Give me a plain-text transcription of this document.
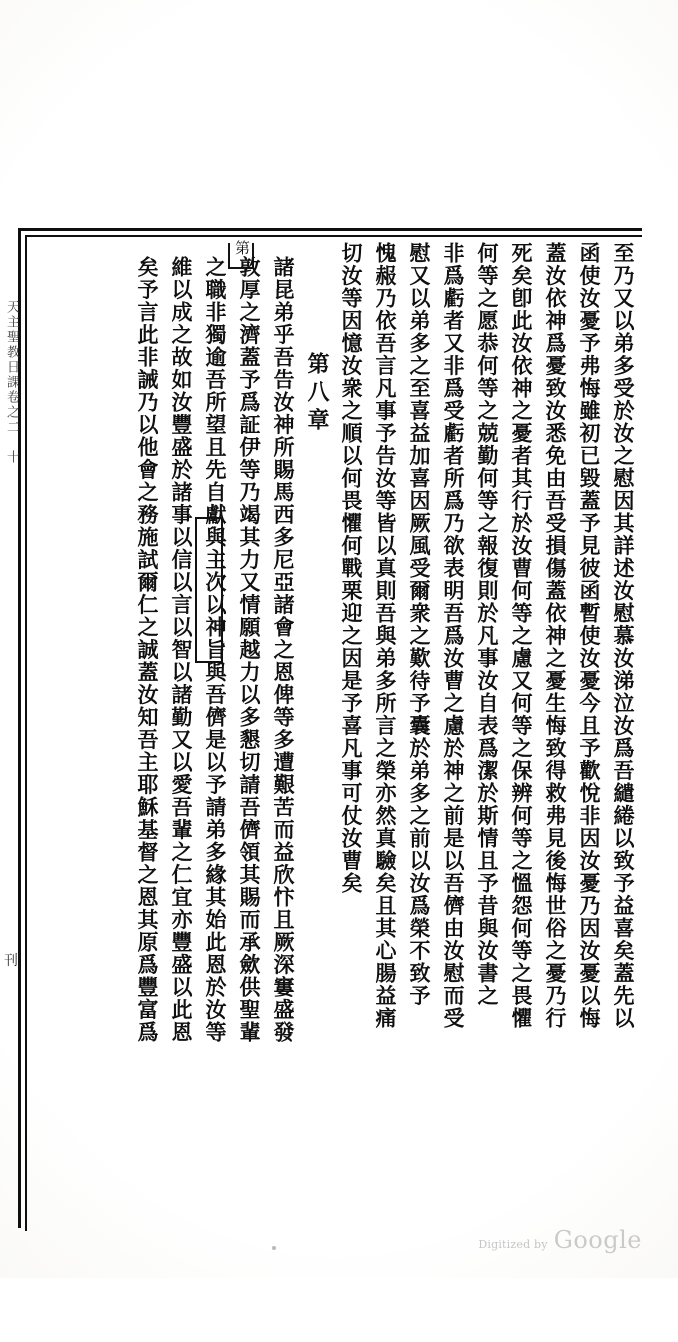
第	至乃又以弟多受於汝之慰因其詳述汝慰慕汝涕泣汝爲吾繾綣以致予益喜矣蓋先以
函使汝憂予弗悔雖初已毀蓋予見彼函暫使汝憂今且予歡悅非因汝憂乃因汝憂以悔
蓋汝依神爲憂致汝悉免由吾受損傷蓋依神之憂生悔致得救弗見後悔世俗之憂乃行
死矣卽此汝依神之憂者其行於汝曹何等之慮又何等之保辨何等之慍怨何等之畏懼
何等之愿恭何等之兢勤何等之報復則於凡事汝自表爲潔於斯情且予昔與汝書之
非爲虧者又非爲受虧者所爲乃欲表明吾爲汝曹之慮於神之前是以吾儕由汝慰而受
慰又以弟多之至喜益加喜因厥風受爾衆之歎待予囊於弟多之前以汝爲榮不致予
愧赧乃依吾言凡事予告汝等皆以真則吾與弟多所言之榮亦然真驗矣且其心腸益痛
切汝等因憶汝衆之順以何畏懼何戰栗迎之因是予喜凡事可仗汝曹矣
第八章
諸昆弟乎吾告汝神所賜馬西多尼亞諸會之恩俾等多遭艱苦而益欣忭且厥深窶盛發
敦厚之濟蓋予爲証伊等乃竭其力又情願越力以多懇切請吾儕領其賜而承歛供聖輩
之職非獨逾吾所望且先自獻與主次以神旨與吾儕是以予請弟多緣其始此恩於汝等
維以成之故如汝豐盛於諸事以信以言以智以諸勤又以愛吾輩之仁宜亦豐盛以此恩
矣予言此非誡乃以他會之務施試爾仁之誠蓋汝知吾主耶穌基督之恩其原爲豐富爲
天主聖教日課卷之二　十
刊
Digitized by Google
